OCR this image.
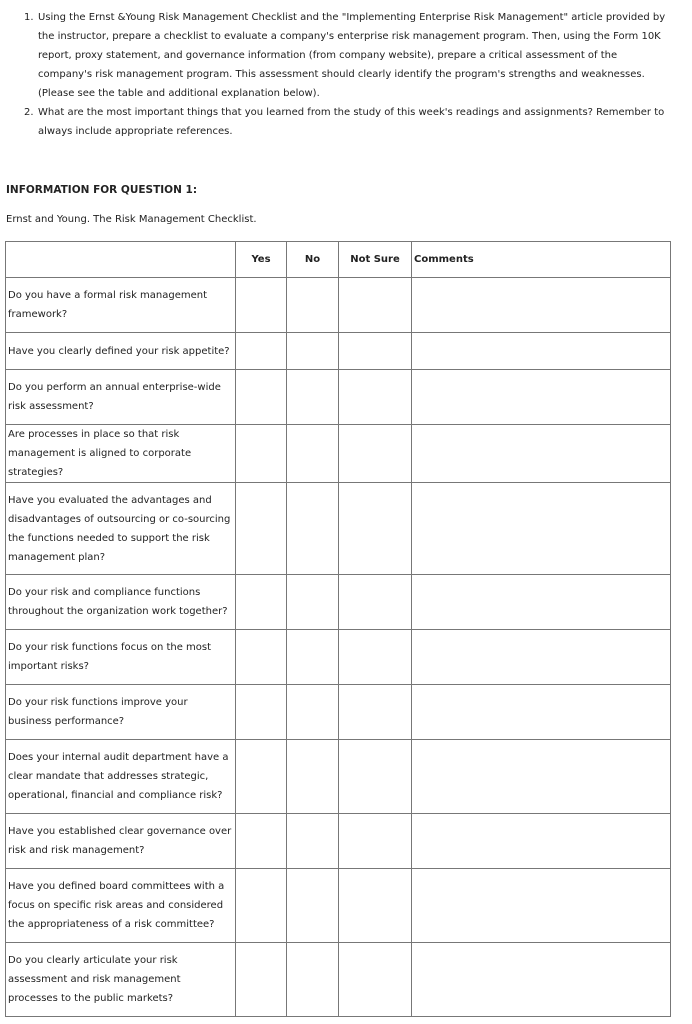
1. Using the Ernst &Young Risk Management Checklist and the "Implementing Enterprise Risk Management" article provided by the instructor, prepare a checklist to evaluate a company's enterprise risk management program. Then, using the Form 10K report, proxy statement, and governance information (from company website), prepare a critical assessment of the company's risk management program. This assessment should clearly identify the program's strengths and weaknesses. (Please see the table and additional explanation below).
2. What are the most important things that you learned from the study of this week's readings and assignments? Remember to always include appropriate references.
INFORMATION FOR QUESTION 1:
Ernst and Young. The Risk Management Checklist.
	Yes	No	Not Sure	Comments
Do you have a formal risk management framework?				
Have you clearly defined your risk appetite?				
Do you perform an annual enterprise-wide risk assessment?				
Are processes in place so that risk management is aligned to corporate strategies?				
Have you evaluated the advantages and disadvantages of outsourcing or co-sourcing the functions needed to support the risk management plan?				
Do your risk and compliance functions throughout the organization work together?				
Do your risk functions focus on the most important risks?				
Do your risk functions improve your business performance?				
Does your internal audit department have a clear mandate that addresses strategic, operational, financial and compliance risk?				
Have you established clear governance over risk and risk management?				
Have you defined board committees with a focus on specific risk areas and considered the appropriateness of a risk committee?				
Do you clearly articulate your risk assessment and risk management processes to the public markets?				
